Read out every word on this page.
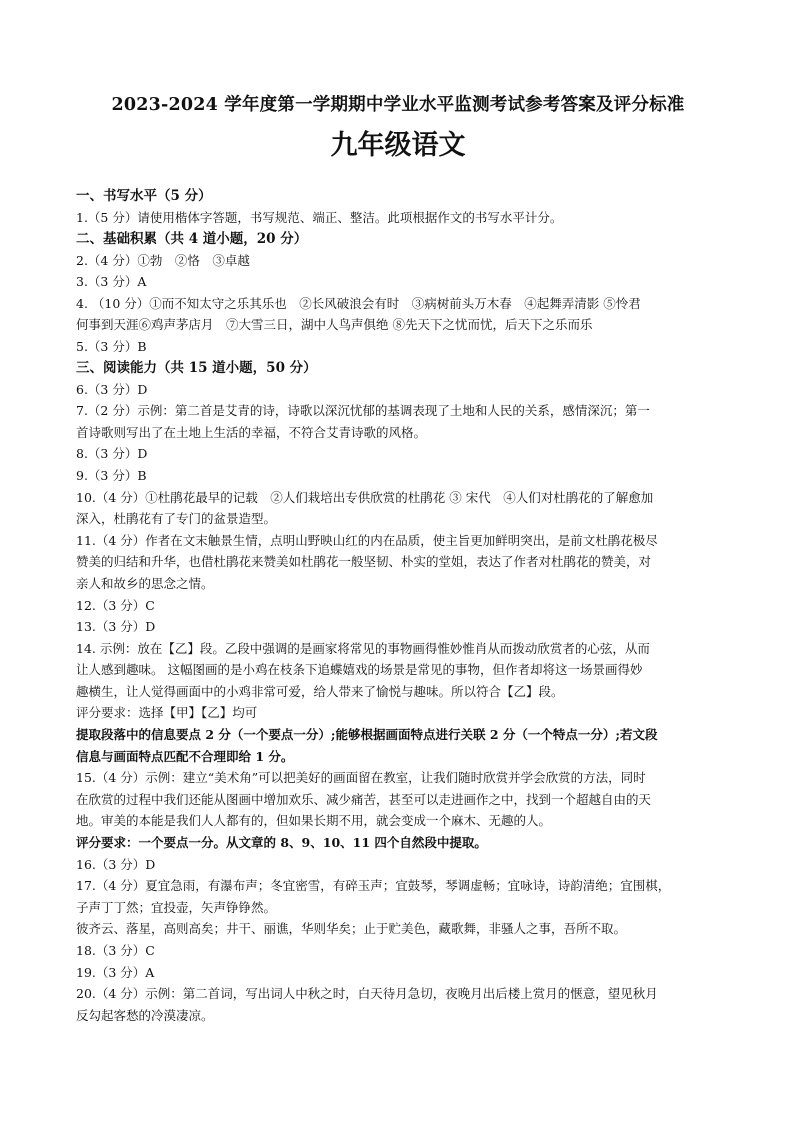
2023-2024 学年度第一学期期中学业水平监测考试参考答案及评分标准

九年级语文

一、书写水平（5 分）

1.（5 分）请使用楷体字答题，书写规范、端正、整洁。此项根据作文的书写水平计分。

二、基础积累（共 4 道小题，20 分）

2.（4 分）①勃　②恪　③卓越

3.（3 分）A

4. （10 分）①而不知太守之乐其乐也　②长风破浪会有时　③病树前头万木春　④起舞弄清影 ⑤怜君

何事到天涯⑥鸡声茅店月　⑦大雪三日，湖中人鸟声俱绝 ⑧先天下之忧而忧，后天下之乐而乐

5.（3 分）B

三、阅读能力（共 15 道小题，50 分）

6.（3 分）D

7.（2 分）示例：第二首是艾青的诗，诗歌以深沉忧郁的基调表现了土地和人民的关系，感情深沉；第一

首诗歌则写出了在土地上生活的幸福，不符合艾青诗歌的风格。

8.（3 分）D

9.（3 分）B

10.（4 分）①杜鹃花最早的记载　②人们栽培出专供欣赏的杜鹃花 ③ 宋代　④人们对杜鹃花的了解愈加

深入，杜鹃花有了专门的盆景造型。

11.（4 分）作者在文末触景生情，点明山野映山红的内在品质，使主旨更加鲜明突出，是前文杜鹃花极尽

赞美的归结和升华，也借杜鹃花来赞美如杜鹃花一般坚韧、朴实的堂姐，表达了作者对杜鹃花的赞美，对

亲人和故乡的思念之情。

12.（3 分）C

13.（3 分）D

14. 示例：放在【乙】段。乙段中强调的是画家将常见的事物画得惟妙惟肖从而拨动欣赏者的心弦，从而

让人感到趣味。 这幅图画的是小鸡在枝条下追蝶嬉戏的场景是常见的事物，但作者却将这一场景画得妙

趣横生，让人觉得画面中的小鸡非常可爱，给人带来了愉悦与趣味。所以符合【乙】段。

评分要求：选择【甲】【乙】均可

提取段落中的信息要点 2 分（一个要点一分）;能够根据画面特点进行关联 2 分（一个特点一分）;若文段

信息与画面特点匹配不合理即给 1 分。

15.（4 分）示例：建立“美术角”可以把美好的画面留在教室，让我们随时欣赏并学会欣赏的方法，同时

在欣赏的过程中我们还能从图画中增加欢乐、减少痛苦，甚至可以走进画作之中，找到一个超越自由的天

地。审美的本能是我们人人都有的，但如果长期不用，就会变成一个麻木、无趣的人。

评分要求：一个要点一分。从文章的 8、9、10、11 四个自然段中提取。

16.（3 分）D

17.（4 分）夏宜急雨，有瀑布声；冬宜密雪，有碎玉声；宜鼓琴，琴调虚畅；宜咏诗，诗韵清绝；宜围棋，

子声丁丁然；宜投壶，矢声铮铮然。

彼齐云、落星，高则高矣；井干、丽谯，华则华矣；止于贮美色，藏歌舞，非骚人之事，吾所不取。

18.（3 分）C

19.（3 分）A

20.（4 分）示例：第二首词，写出词人中秋之时，白天待月急切，夜晚月出后楼上赏月的惬意，望见秋月

反勾起客愁的冷漠凄凉。
